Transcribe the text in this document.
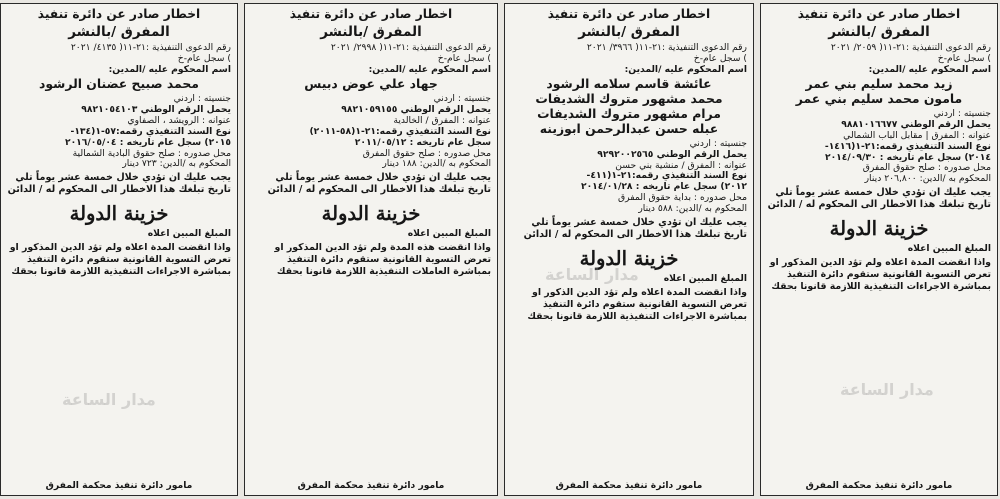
اخطار صادر عن دائرة تنفيذ
المفرق /بالنشر
رقم الدعوى التنفيذية :٢١-١١( ٢٠٥٩/ ٢٠٢١
) سجل عام-خ
اسم المحكوم عليه /المدين:
زيد محمد سليم بني عمر
مامون محمد سليم بني عمر
جنسيته : اردني
يحمل الرقم الوطني ٩٨٨١٠١٦٦٧٧
عنوانه : المفرق | مقابل الباب الشمالي
نوع السند التنفيذي رقمه:٢١-١(١٤١٦-
٢٠١٤) سجل عام تاريخه : ٢٠١٤/٠٩/٣٠
محل صدوره : صلح حقوق المفرق
المحكوم به /الدين: ٢٠٦,٨٠٠ دينار
يجب عليك ان تؤدي خلال خمسة عشر يوماً تلي تاريخ تبلغك هذا الاخطار الى المحكوم له / الدائن
خزينة الدولة
المبلغ المبين اعلاه
واذا انقضت المدة اعلاه ولم تؤد الدين المذكور او تعرض التسوية القانونية ستقوم دائرة التنفيذ بمباشرة الاجراءات التنفيذية اللازمة قانونا بحقك
مامور دائرة تنفيذ محكمة المفرق
اخطار صادر عن دائرة تنفيذ
المفرق /بالنشر
رقم الدعوى التنفيذية :٢١-١١( ٣٩٦٦/ ٢٠٢١
) سجل عام-خ
اسم المحكوم عليه /المدين:
عائشة قاسم سلامه الرشود
محمد مشهور متروك الشديفات
مرام مشهور متروك الشديفات
عبله حسن عبدالرحمن ابوزينه
جنسيته : اردني
يحمل الرقم الوطني ٩٢٩٢٠٠٢٥٦٥
عنوانه : المفرق / منشية بني حسن
نوع السند التنفيذي رقمه:٢١-١(٤١١-
٢٠١٢) سجل عام تاريخه : ٢٠١٤/٠١/٢٨
محل صدوره : بداية حقوق المفرق
المحكوم به /الدين: ٥٨٨ دينار
يجب عليك ان تؤدي خلال خمسة عشر يوماً تلي تاريخ تبلغك هذا الاخطار الى المحكوم له / الدائن
خزينة الدولة
المبلغ المبين اعلاه
واذا انقضت المدة اعلاه ولم تؤد الدين الذكور او تعرض التسوية القانونية ستقوم دائرة التنفيذ بمباشرة الاجراءات التنفيذية اللازمة قانونا بحقك
مامور دائرة تنفيذ محكمة المفرق
اخطار صادر عن دائرة تنفيذ
المفرق /بالنشر
رقم الدعوى التنفيذية :٢١-١١( ٢٩٩٨/ ٢٠٢١
) سجل عام-خ
اسم المحكوم عليه /المدين:
جهاد علي عوض دبيس
جنسيته : اردني
يحمل الرقم الوطني ٩٨٢١٠٥٩١٥٥
عنوانه : المفرق / الخالدية
نوع السند التنفيذي رقمه:٢١-١(٥٨-٢٠١١)
سجل عام تاريخه : ٢٠١١/٠٥/١٢
محل صدوره : صلح حقوق المفرق
المحكوم به /الدين: ١٨٨ دينار
يجب عليك ان تؤدي خلال خمسة عشر يوماً تلي تاريخ تبلغك هذا الاخطار الى المحكوم له / الدائن
خزينة الدولة
المبلغ المبين اعلاه
واذا انقضت هذه المدة ولم تؤد الدين المذكور او تعرض التسوية القانونية ستقوم دائرة التنفيذ بمباشرة العاملات التنفيذية اللازمة قانونا بحقك
مامور دائرة تنفيذ محكمة المفرق
اخطار صادر عن دائرة تنفيذ
المفرق /بالنشر
رقم الدعوى التنفيذية :٢١-١١( ٤١٣٥/ ٢٠٢١
) سجل عام-خ
اسم المحكوم عليه /المدين:
محمد صبيح عضنان الرشود
جنسيته : اردني
يحمل الرقم الوطني ٩٨٢١٠٥٤١٠٣
عنوانه : الرويشد ، الصفاوي
نوع السند التنفيذي رقمه:٥٧-١(١٣٤-
٢٠١٥) سجل عام تاريخه : ٢٠١٦/٠٥/٠٤
محل صدوره : صلح حقوق البادية الشمالية
المحكوم به /الدين: ٧٢٣ دينار
يجب عليك ان تؤدي خلال خمسة عشر يوماً تلي تاريخ تبلغك هذا الاخطار الى المحكوم له / الدائن
خزينة الدولة
المبلغ المبين اعلاه
واذا انقضت المدة اعلاه ولم تؤد الدين المذكور او تعرض التسوية القانونية ستقوم دائرة التنفيذ بمباشرة الاجراءات التنفيذية اللازمة قانونا بحقك
مامور دائرة تنفيذ محكمة المفرق
مدار الساعة
مدار الساعة
مدار الساعة
